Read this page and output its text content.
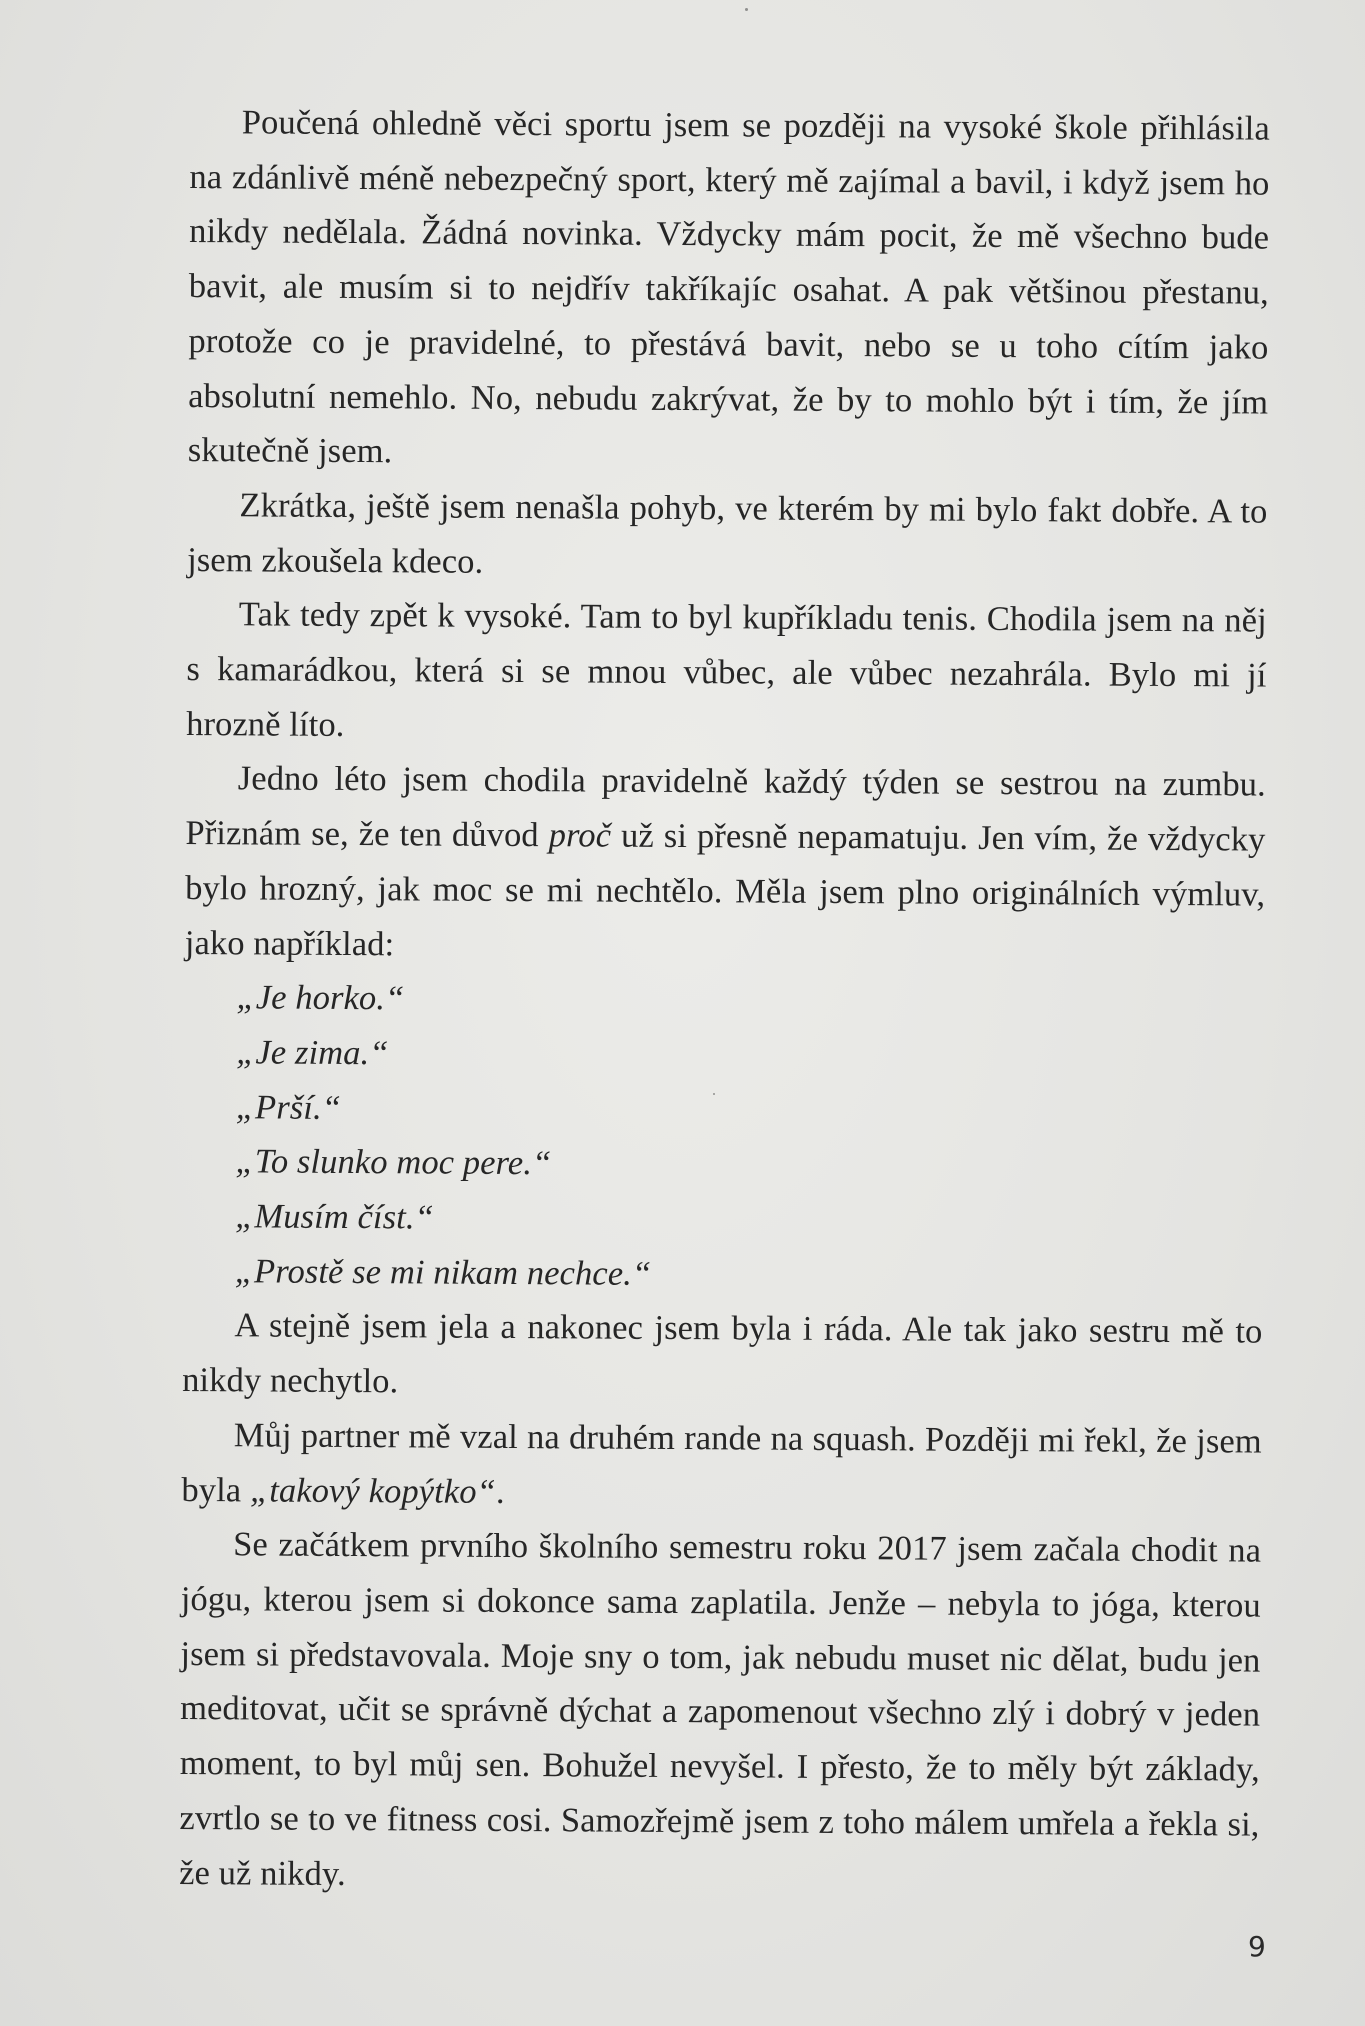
Poučená ohledně věci sportu jsem se později na vysoké škole přihlásila na zdánlivě méně nebezpečný sport, který mě zajímal a bavil, i když jsem ho nikdy nedělala. Žádná novinka. Vždycky mám pocit, že mě všechno bude bavit, ale musím si to nejdřív takříkajíc osahat. A pak většinou přestanu, protože co je pravidelné, to přestává bavit, nebo se u toho cítím jako absolutní nemehlo. No, nebudu zakrývat, že by to mohlo být i tím, že jím skutečně jsem.

Zkrátka, ještě jsem nenašla pohyb, ve kterém by mi bylo fakt dobře. A to jsem zkoušela kdeco.

Tak tedy zpět k vysoké. Tam to byl kupříkladu tenis. Chodila jsem na něj s kamarádkou, která si se mnou vůbec, ale vůbec nezahrála. Bylo mi jí hrozně líto.

Jedno léto jsem chodila pravidelně každý týden se sestrou na zumbu. Přiznám se, že ten důvod proč už si přesně nepamatuju. Jen vím, že vždycky bylo hrozný, jak moc se mi nechtělo. Měla jsem plno originálních výmluv, jako například:

„Je horko.“

„Je zima.“

„Prší.“

„To slunko moc pere.“

„Musím číst.“

„Prostě se mi nikam nechce.“

A stejně jsem jela a nakonec jsem byla i ráda. Ale tak jako sestru mě to nikdy nechytlo.

Můj partner mě vzal na druhém rande na squash. Později mi řekl, že jsem byla „takový kopýtko“.

Se začátkem prvního školního semestru roku 2017 jsem začala chodit na jógu, kterou jsem si dokonce sama zaplatila. Jenže – nebyla to jóga, kterou jsem si představovala. Moje sny o tom, jak nebudu muset nic dělat, budu jen meditovat, učit se správně dýchat a zapomenout všechno zlý i dobrý v jeden moment, to byl můj sen. Bohužel nevyšel. I přesto, že to měly být základy, zvrtlo se to ve fitness cosi. Samozřejmě jsem z toho málem umřela a řekla si, že už nikdy.

9
